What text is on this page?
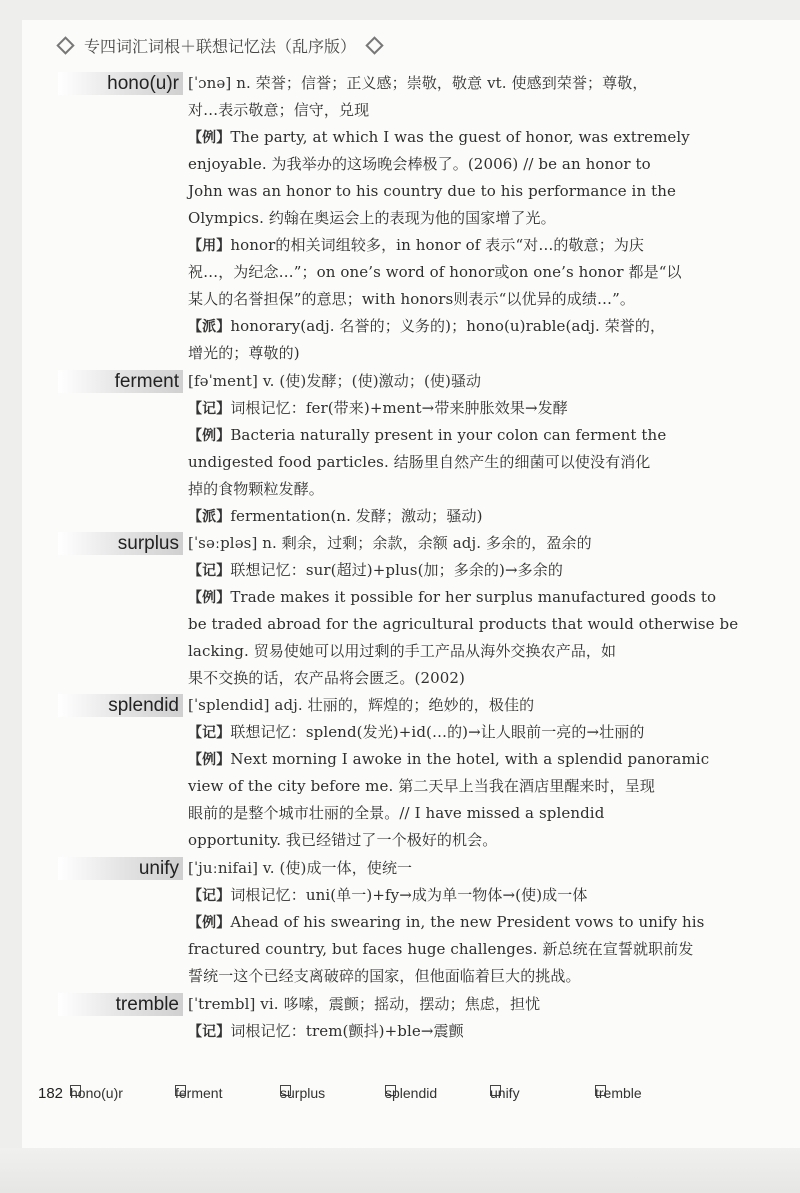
专四词汇词根＋联想记忆法（乱序版）
hono(u)r [ˈɔnə] n. 荣誉；信誉；正义感；崇敬，敬意 vt. 使感到荣誉；尊敬，
对…表示敬意；信守，兑现
【例】The party, at which I was the guest of honor, was extremely
enjoyable. 为我举办的这场晚会棒极了。(2006) // be an honor to
John was an honor to his country due to his performance in the
Olympics. 约翰在奥运会上的表现为他的国家增了光。
【用】honor的相关词组较多，in honor of 表示“对…的敬意；为庆
祝…，为纪念…”；on one’s word of honor或on one’s honor 都是“以
某人的名誉担保”的意思；with honors则表示“以优异的成绩…”。
【派】honorary(adj. 名誉的；义务的)；hono(u)rable(adj. 荣誉的，
增光的；尊敬的)
ferment [fəˈment] v. (使)发酵；(使)激动；(使)骚动
【记】词根记忆：fer(带来)+ment→带来肿胀效果→发酵
【例】Bacteria naturally present in your colon can ferment the
undigested food particles. 结肠里自然产生的细菌可以使没有消化
掉的食物颗粒发酵。
【派】fermentation(n. 发酵；激动；骚动)
surplus [ˈsəːpləs] n. 剩余，过剩；余款，余额 adj. 多余的，盈余的
【记】联想记忆：sur(超过)+plus(加；多余的)→多余的
【例】Trade makes it possible for her surplus manufactured goods to
be traded abroad for the agricultural products that would otherwise be
lacking. 贸易使她可以用过剩的手工产品从海外交换农产品，如
果不交换的话，农产品将会匮乏。(2002)
splendid [ˈsplendid] adj. 壮丽的，辉煌的；绝妙的，极佳的
【记】联想记忆：splend(发光)+id(…的)→让人眼前一亮的→壮丽的
【例】Next morning I awoke in the hotel, with a splendid panoramic
view of the city before me. 第二天早上当我在酒店里醒来时，呈现
眼前的是整个城市壮丽的全景。// I have missed a splendid
opportunity. 我已经错过了一个极好的机会。
unify [ˈjuːnifai] v. (使)成一体，使统一
【记】词根记忆：uni(单一)+fy→成为单一物体→(使)成一体
【例】Ahead of his swearing in, the new President vows to unify his
fractured country, but faces huge challenges. 新总统在宣誓就职前发
誓统一这个已经支离破碎的国家，但他面临着巨大的挑战。
tremble [ˈtrembl] vi. 哆嗦，震颤；摇动，摆动；焦虑，担忧
【记】词根记忆：trem(颤抖)+ble→震颤
182 hono(u)r	ferment	surplus	splendid	unify	tremble
